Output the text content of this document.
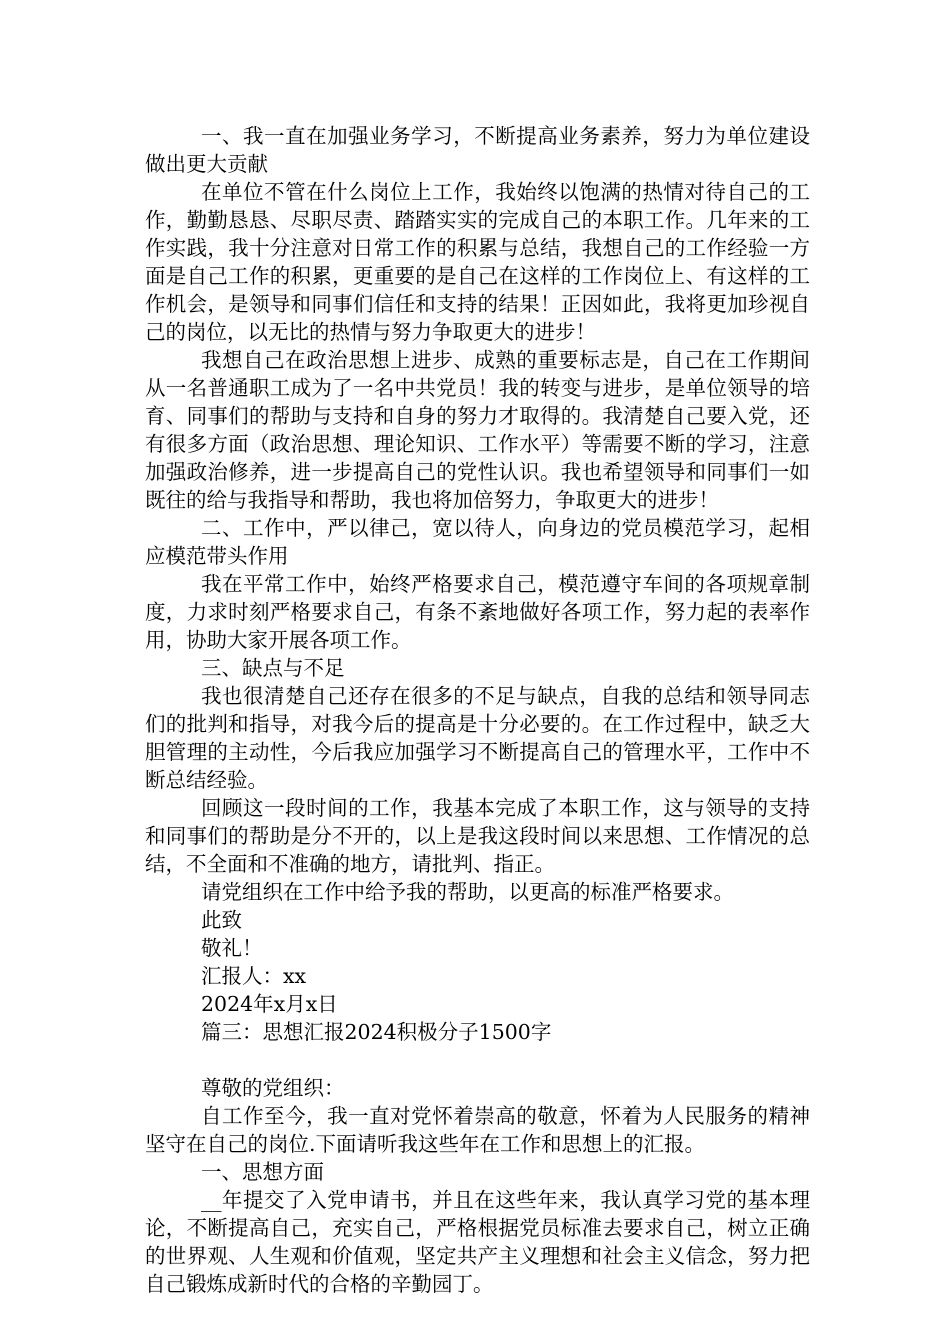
一、我一直在加强业务学习，不断提高业务素养，努力为单位建设做出更大贡献

在单位不管在什么岗位上工作，我始终以饱满的热情对待自己的工作，勤勤恳恳、尽职尽责、踏踏实实的完成自己的本职工作。几年来的工作实践，我十分注意对日常工作的积累与总结，我想自己的工作经验一方面是自己工作的积累，更重要的是自己在这样的工作岗位上、有这样的工作机会，是领导和同事们信任和支持的结果！正因如此，我将更加珍视自己的岗位，以无比的热情与努力争取更大的进步！

我想自己在政治思想上进步、成熟的重要标志是，自己在工作期间从一名普通职工成为了一名中共党员！我的转变与进步，是单位领导的培育、同事们的帮助与支持和自身的努力才取得的。我清楚自己要入党，还有很多方面（政治思想、理论知识、工作水平）等需要不断的学习，注意加强政治修养，进一步提高自己的党性认识。我也希望领导和同事们一如既往的给与我指导和帮助，我也将加倍努力，争取更大的进步！

二、工作中，严以律己，宽以待人，向身边的党员模范学习，起相应模范带头作用

我在平常工作中，始终严格要求自己，模范遵守车间的各项规章制度，力求时刻严格要求自己，有条不紊地做好各项工作，努力起的表率作用，协助大家开展各项工作。

三、缺点与不足

我也很清楚自己还存在很多的不足与缺点，自我的总结和领导同志们的批判和指导，对我今后的提高是十分必要的。在工作过程中，缺乏大胆管理的主动性，今后我应加强学习不断提高自己的管理水平，工作中不断总结经验。

回顾这一段时间的工作，我基本完成了本职工作，这与领导的支持和同事们的帮助是分不开的，以上是我这段时间以来思想、工作情况的总结，不全面和不准确的地方，请批判、指正。

请党组织在工作中给予我的帮助，以更高的标准严格要求。

此致

敬礼！

汇报人：xx

2024年x月x日

篇三：思想汇报2024积极分子1500字

尊敬的党组织：

自工作至今，我一直对党怀着崇高的敬意，怀着为人民服务的精神坚守在自己的岗位.下面请听我这些年在工作和思想上的汇报。

一、思想方面

__年提交了入党申请书，并且在这些年来，我认真学习党的基本理论，不断提高自己，充实自己，严格根据党员标准去要求自己，树立正确的世界观、人生观和价值观，坚定共产主义理想和社会主义信念，努力把自己锻炼成新时代的合格的辛勤园丁。
